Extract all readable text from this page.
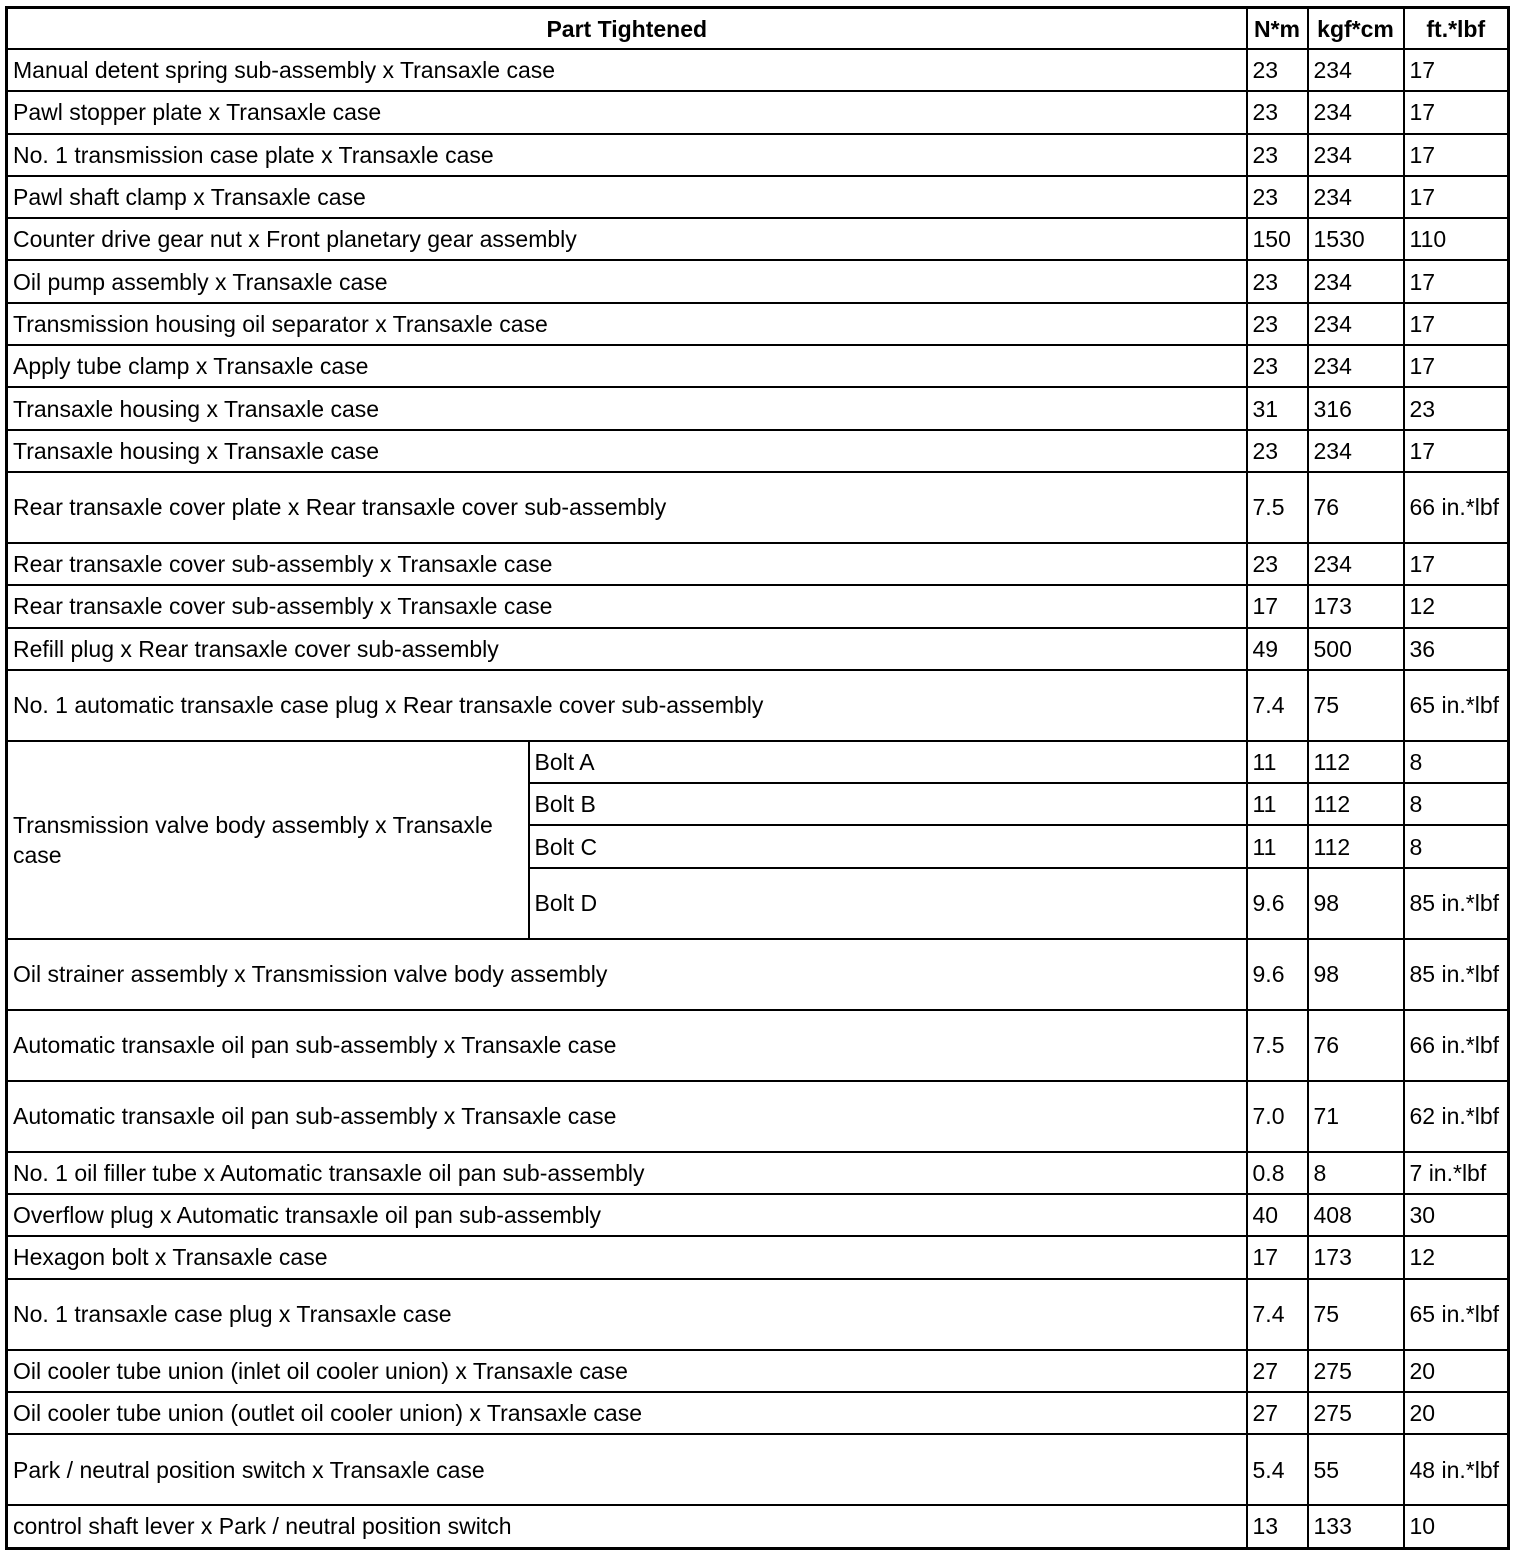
Part Tightened		N*m	kgf*cm	ft.*lbf
Manual detent spring sub-assembly x Transaxle case		23	234	17
Pawl stopper plate x Transaxle case		23	234	17
No. 1 transmission case plate x Transaxle case		23	234	17
Pawl shaft clamp x Transaxle case		23	234	17
Counter drive gear nut x Front planetary gear assembly		150	1530	110
Oil pump assembly x Transaxle case		23	234	17
Transmission housing oil separator x Transaxle case		23	234	17
Apply tube clamp x Transaxle case		23	234	17
Transaxle housing x Transaxle case		31	316	23
Transaxle housing x Transaxle case		23	234	17
Rear transaxle cover plate x Rear transaxle cover sub-assembly		7.5	76	66 in.*lbf
Rear transaxle cover sub-assembly x Transaxle case		23	234	17
Rear transaxle cover sub-assembly x Transaxle case		17	173	12
Refill plug x Rear transaxle cover sub-assembly		49	500	36
No. 1 automatic transaxle case plug x Rear transaxle cover sub-assembly		7.4	75	65 in.*lbf
Transmission valve body assembly x Transaxle case	Bolt A	11	112	8
	Bolt B	11	112	8
	Bolt C	11	112	8
	Bolt D	9.6	98	85 in.*lbf
Oil strainer assembly x Transmission valve body assembly		9.6	98	85 in.*lbf
Automatic transaxle oil pan sub-assembly x Transaxle case		7.5	76	66 in.*lbf
Automatic transaxle oil pan sub-assembly x Transaxle case		7.0	71	62 in.*lbf
No. 1 oil filler tube x Automatic transaxle oil pan sub-assembly		0.8	8	7 in.*lbf
Overflow plug x Automatic transaxle oil pan sub-assembly		40	408	30
Hexagon bolt x Transaxle case		17	173	12
No. 1 transaxle case plug x Transaxle case		7.4	75	65 in.*lbf
Oil cooler tube union (inlet oil cooler union) x Transaxle case		27	275	20
Oil cooler tube union (outlet oil cooler union) x Transaxle case		27	275	20
Park / neutral position switch x Transaxle case		5.4	55	48 in.*lbf
control shaft lever x Park / neutral position switch		13	133	10
